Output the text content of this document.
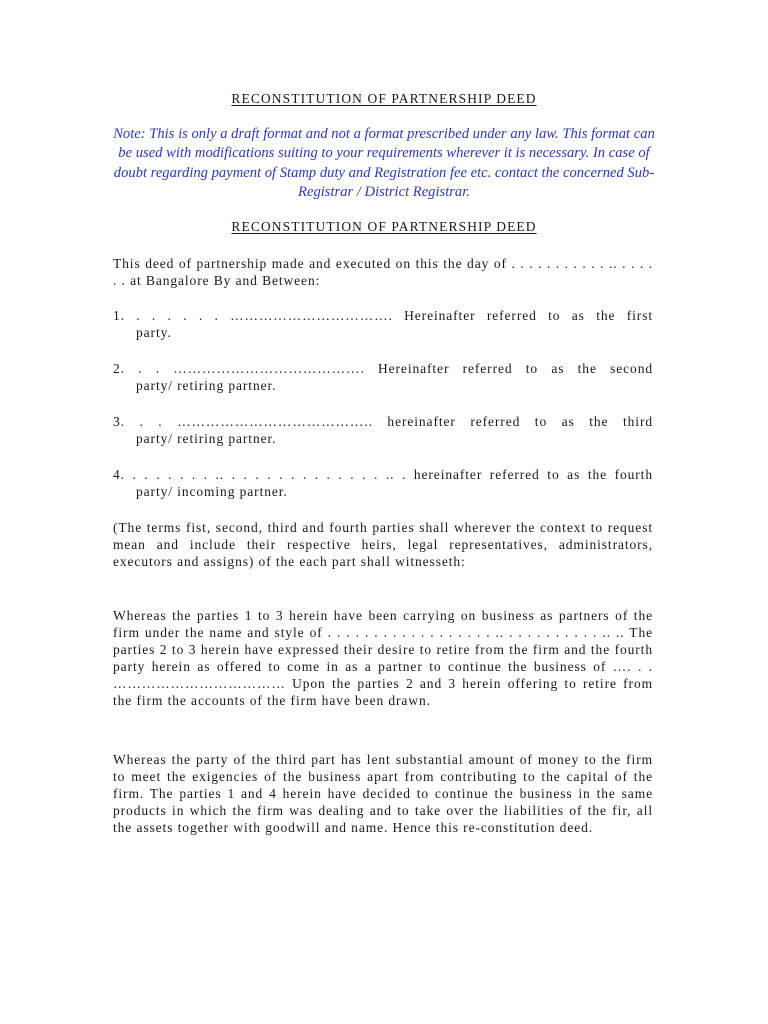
RECONSTITUTION OF PARTNERSHIP DEED
Note: This is only a draft format and not a format prescribed under any law. This format can be used with modifications suiting to your requirements wherever it is necessary. In case of doubt regarding payment of Stamp duty and Registration fee etc. contact the concerned Sub-Registrar / District Registrar.
RECONSTITUTION OF PARTNERSHIP DEED
This deed of partnership made and executed on this the day of . . . . . . . . . . . .. . . . . . . at Bangalore By and Between:
1. . . . . . . ……………………………. Hereinafter referred to as the first
party.
2. . . …………………………………. Hereinafter referred to as the second
party/ retiring partner.
3. . . ………………………………….. hereinafter referred to as the third
party/ retiring partner.
4. . . . . . . . .. . . . . . . . . . . . . . .. . hereinafter referred to as the fourth
party/ incoming partner.
(The terms fist, second, third and fourth parties shall wherever the context to request mean and include their respective heirs, legal representatives, administrators, executors and assigns) of the each part shall witnesseth:
Whereas the parties 1 to 3 herein have been carrying on business as partners of the firm under the name and style of . . . . . . . . . . . . . . . . . . .. . . . . . . . . . . .. .. The parties 2 to 3 herein have expressed their desire to retire from the firm and the fourth party herein as offered to come in as a partner to continue the business of …. . . ……………………………… Upon the parties 2 and 3 herein offering to retire from the firm the accounts of the firm have been drawn.
Whereas the party of the third part has lent substantial amount of money to the firm to meet the exigencies of the business apart from contributing to the capital of the firm. The parties 1 and 4 herein have decided to continue the business in the same products in which the firm was dealing and to take over the liabilities of the fir, all the assets together with goodwill and name. Hence this re-constitution deed.
